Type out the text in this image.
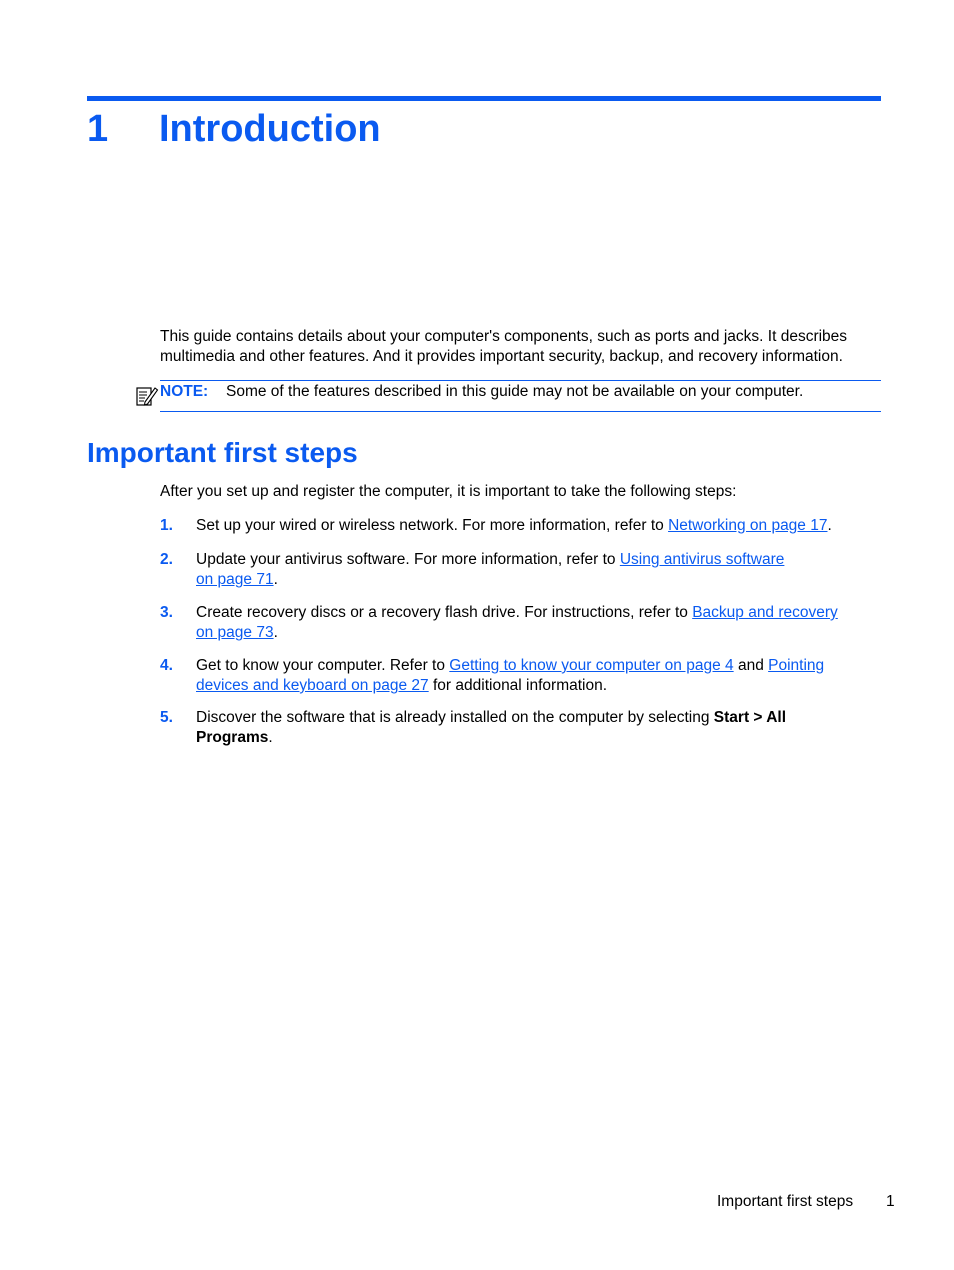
1 Introduction
This guide contains details about your computer's components, such as ports and jacks. It describes multimedia and other features. And it provides important security, backup, and recovery information.
NOTE: Some of the features described in this guide may not be available on your computer.
Important first steps
After you set up and register the computer, it is important to take the following steps:
1. Set up your wired or wireless network. For more information, refer to Networking on page 17.
2. Update your antivirus software. For more information, refer to Using antivirus software
on page 71.
3. Create recovery discs or a recovery flash drive. For instructions, refer to Backup and recovery
on page 73.
4. Get to know your computer. Refer to Getting to know your computer on page 4 and Pointing
devices and keyboard on page 27 for additional information.
5. Discover the software that is already installed on the computer by selecting Start > All
Programs.
Important first steps 1
